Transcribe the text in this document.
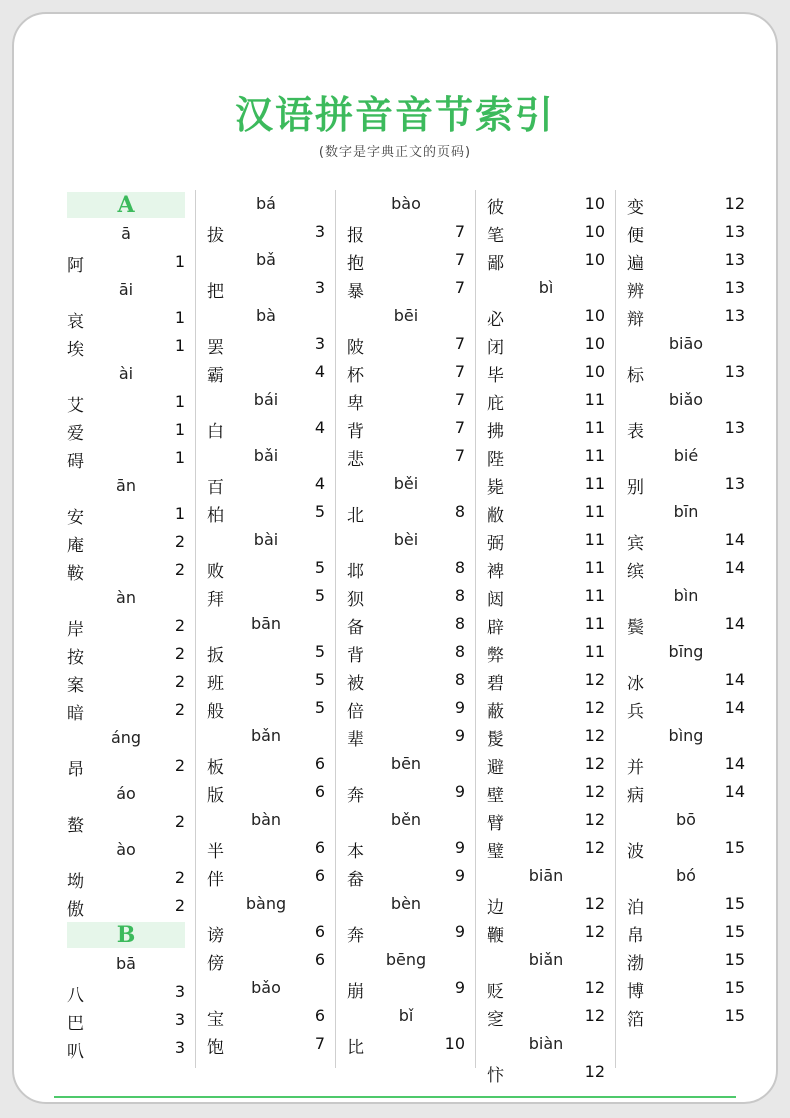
汉语拼音音节索引
(数字是字典正文的页码)
A
ā
阿	1
āi
哀	1
埃	1
ài
艾	1
爱	1
碍	1
ān
安	1
庵	2
鞍	2
àn
岸	2
按	2
案	2
暗	2
áng
昂	2
áo
螯	2
ào
坳	2
傲	2
B
bā
八	3
巴	3
叭	3
bá
拔	3
bǎ
把	3
bà
罢	3
霸	4
bái
白	4
bǎi
百	4
柏	5
bài
败	5
拜	5
bān
扳	5
班	5
般	5
bǎn
板	6
版	6
bàn
半	6
伴	6
bàng
谤	6
傍	6
bǎo
宝	6
饱	7
bào
报	7
抱	7
暴	7
bēi
陂	7
杯	7
卑	7
背	7
悲	7
běi
北	8
bèi
邶	8
狈	8
备	8
背	8
被	8
倍	9
辈	9
bēn
奔	9
běn
本	9
畚	9
bèn
奔	9
bēng
崩	9
bǐ
比	10
彼	10
笔	10
鄙	10
bì
必	10
闭	10
毕	10
庇	11
拂	11
陛	11
毙	11
敝	11
弼	11
裨	11
闼	11
辟	11
弊	11
碧	12
蔽	12
髲	12
避	12
壁	12
臂	12
璧	12
biān
边	12
鞭	12
biǎn
贬	12
窆	12
biàn
忭	12
变	12
便	13
遍	13
辨	13
辩	13
biāo
标	13
biǎo
表	13
bié
别	13
bīn
宾	14
缤	14
bìn
鬓	14
bīng
冰	14
兵	14
bìng
并	14
病	14
bō
波	15
bó
泊	15
帛	15
渤	15
博	15
箔	15
